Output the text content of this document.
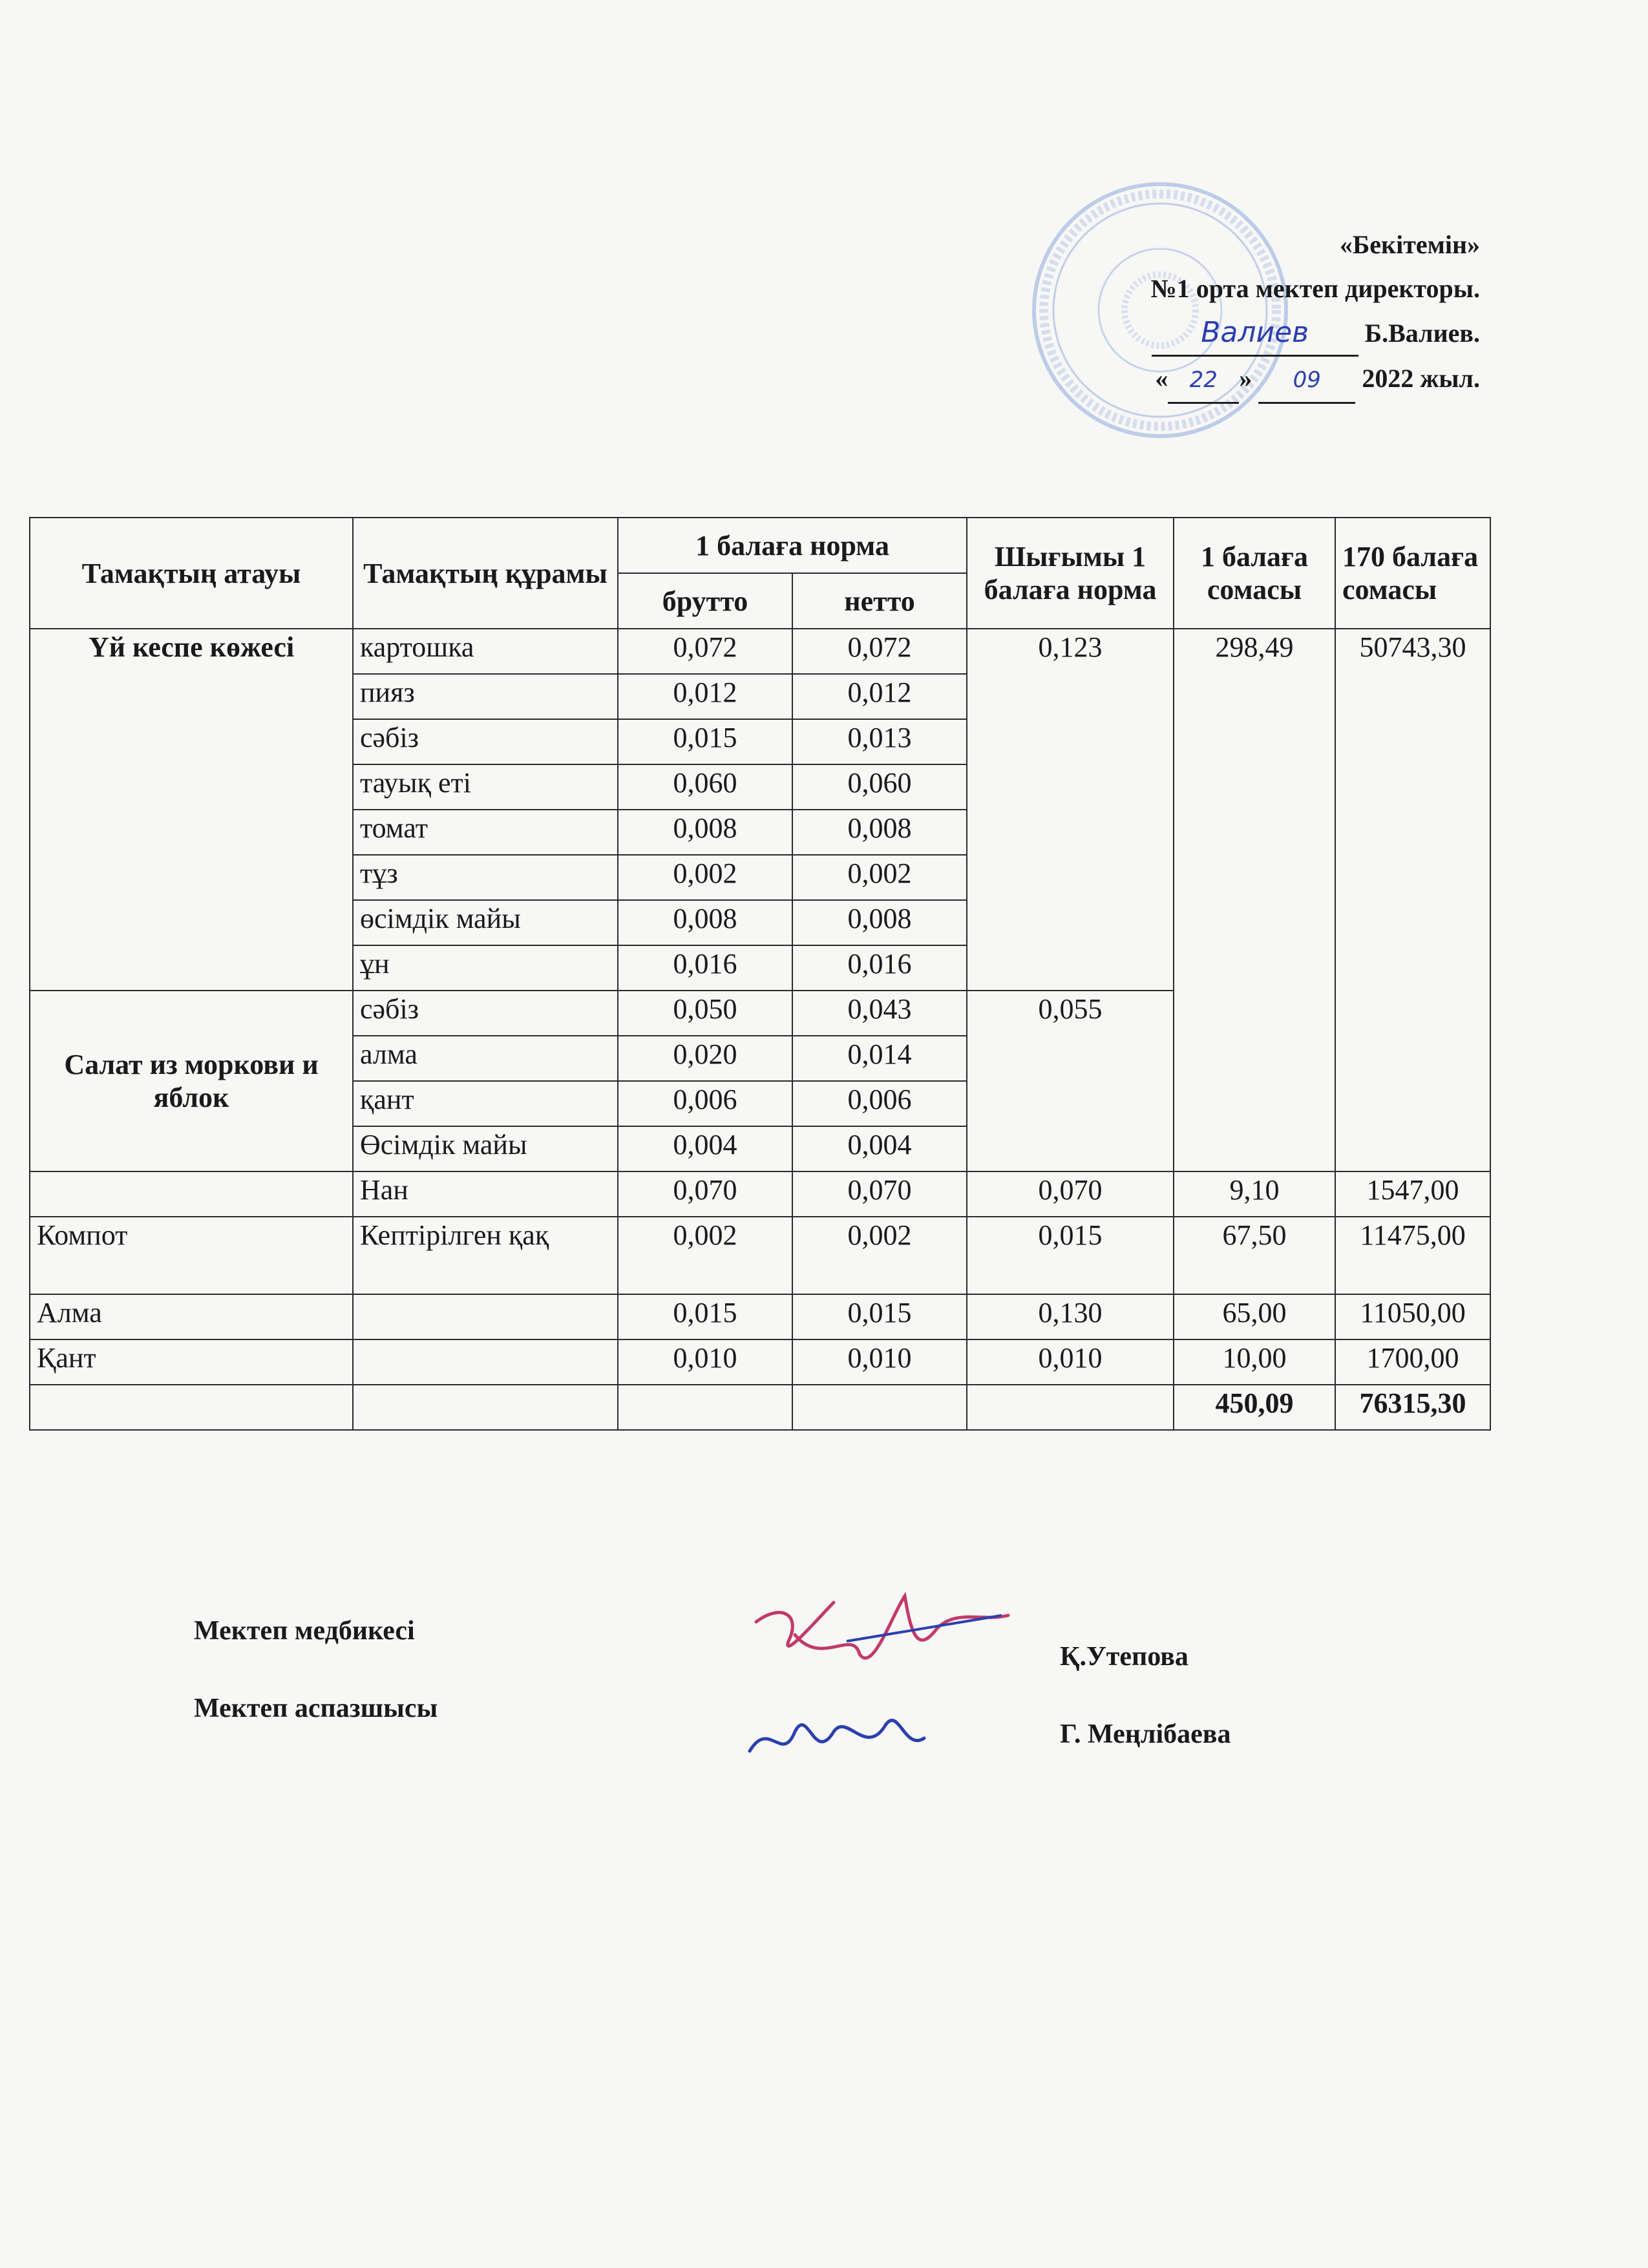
«Бекітемін»
№1 орта мектеп директоры.
Валиев Б.Валиев.
« 22 » 09 2022 жыл.
Тамақтың атауы	Тамақтың құрамы	1 балаға норма		Шығымы 1 балаға норма	1 балаға сомасы	170 балаға сомасы
		брутто	нетто			
Үй кеспе көжесі	картошка	0,072	0,072	0,123	298,49	50743,30
	пияз	0,012	0,012			
	сәбіз	0,015	0,013			
	тауық еті	0,060	0,060			
	томат	0,008	0,008			
	тұз	0,002	0,002			
	өсімдік майы	0,008	0,008			
	ұн	0,016	0,016			

Салат из моркови и яблок	сәбіз	0,050	0,043	0,055		
	алма	0,020	0,014			
	қант	0,006	0,006			
	Өсімдік майы	0,004	0,004			
	Нан	0,070	0,070	0,070	9,10	1547,00
Компот	Кептірілген қақ	0,002	0,002	0,015	67,50	11475,00
Алма		0,015	0,015	0,130	65,00	11050,00
Қант		0,010	0,010	0,010	10,00	1700,00
					450,09	76315,30
Мектеп медбикесі
Қ.Утепова
Мектеп аспазшысы
Г. Меңлібаева
